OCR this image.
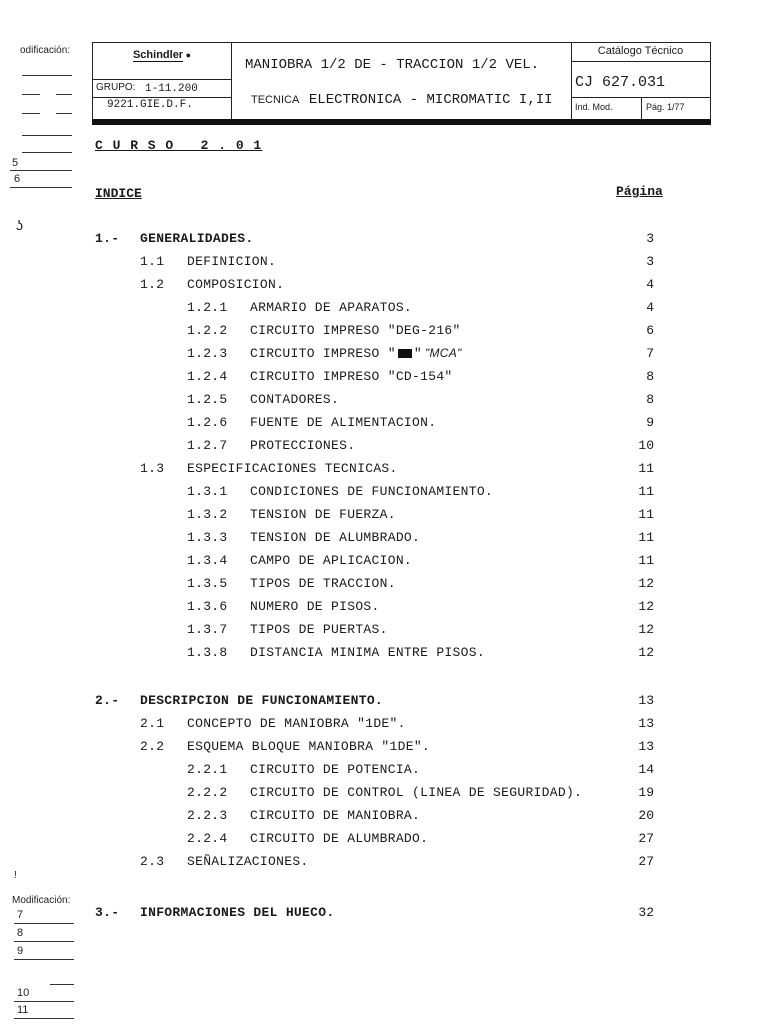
odificación:
5
6
ʖ
ǃ
Modificación:
7
8
9
10
11
Schindler ●
GRUPO: 1-11.200
9221.GIE.D.F.
MANIOBRA 1/2 DE - TRACCION 1/2 VEL.
TECNICA ELECTRONICA - MICROMATIC I,II
Catálogo Técnico
CJ 627.031
Ind. Mod.	Pág. 1/77
C U R S O   2 . 0 1
INDICE	Página
1.- GENERALIDADES.	3
1.1 DEFINICION.	3
1.2 COMPOSICION.	4
1.2.1 ARMARIO DE APARATOS.	4
1.2.2 CIRCUITO IMPRESO "DEG-216"	6
1.2.3 CIRCUITO IMPRESO " " "MCA"	7
1.2.4 CIRCUITO IMPRESO "CD-154"	8
1.2.5 CONTADORES.	8
1.2.6 FUENTE DE ALIMENTACION.	9
1.2.7 PROTECCIONES.	10
1.3 ESPECIFICACIONES TECNICAS.	11
1.3.1 CONDICIONES DE FUNCIONAMIENTO.	11
1.3.2 TENSION DE FUERZA.	11
1.3.3 TENSION DE ALUMBRADO.	11
1.3.4 CAMPO DE APLICACION.	11
1.3.5 TIPOS DE TRACCION.	12
1.3.6 NUMERO DE PISOS.	12
1.3.7 TIPOS DE PUERTAS.	12
1.3.8 DISTANCIA MINIMA ENTRE PISOS.	12
2.- DESCRIPCION DE FUNCIONAMIENTO.	13
2.1 CONCEPTO DE MANIOBRA "1DE".	13
2.2 ESQUEMA BLOQUE MANIOBRA "1DE".	13
2.2.1 CIRCUITO DE POTENCIA.	14
2.2.2 CIRCUITO DE CONTROL (LINEA DE SEGURIDAD).	19
2.2.3 CIRCUITO DE MANIOBRA.	20
2.2.4 CIRCUITO DE ALUMBRADO.	27
2.3 SEÑALIZACIONES.	27
3.- INFORMACIONES DEL HUECO.	32
